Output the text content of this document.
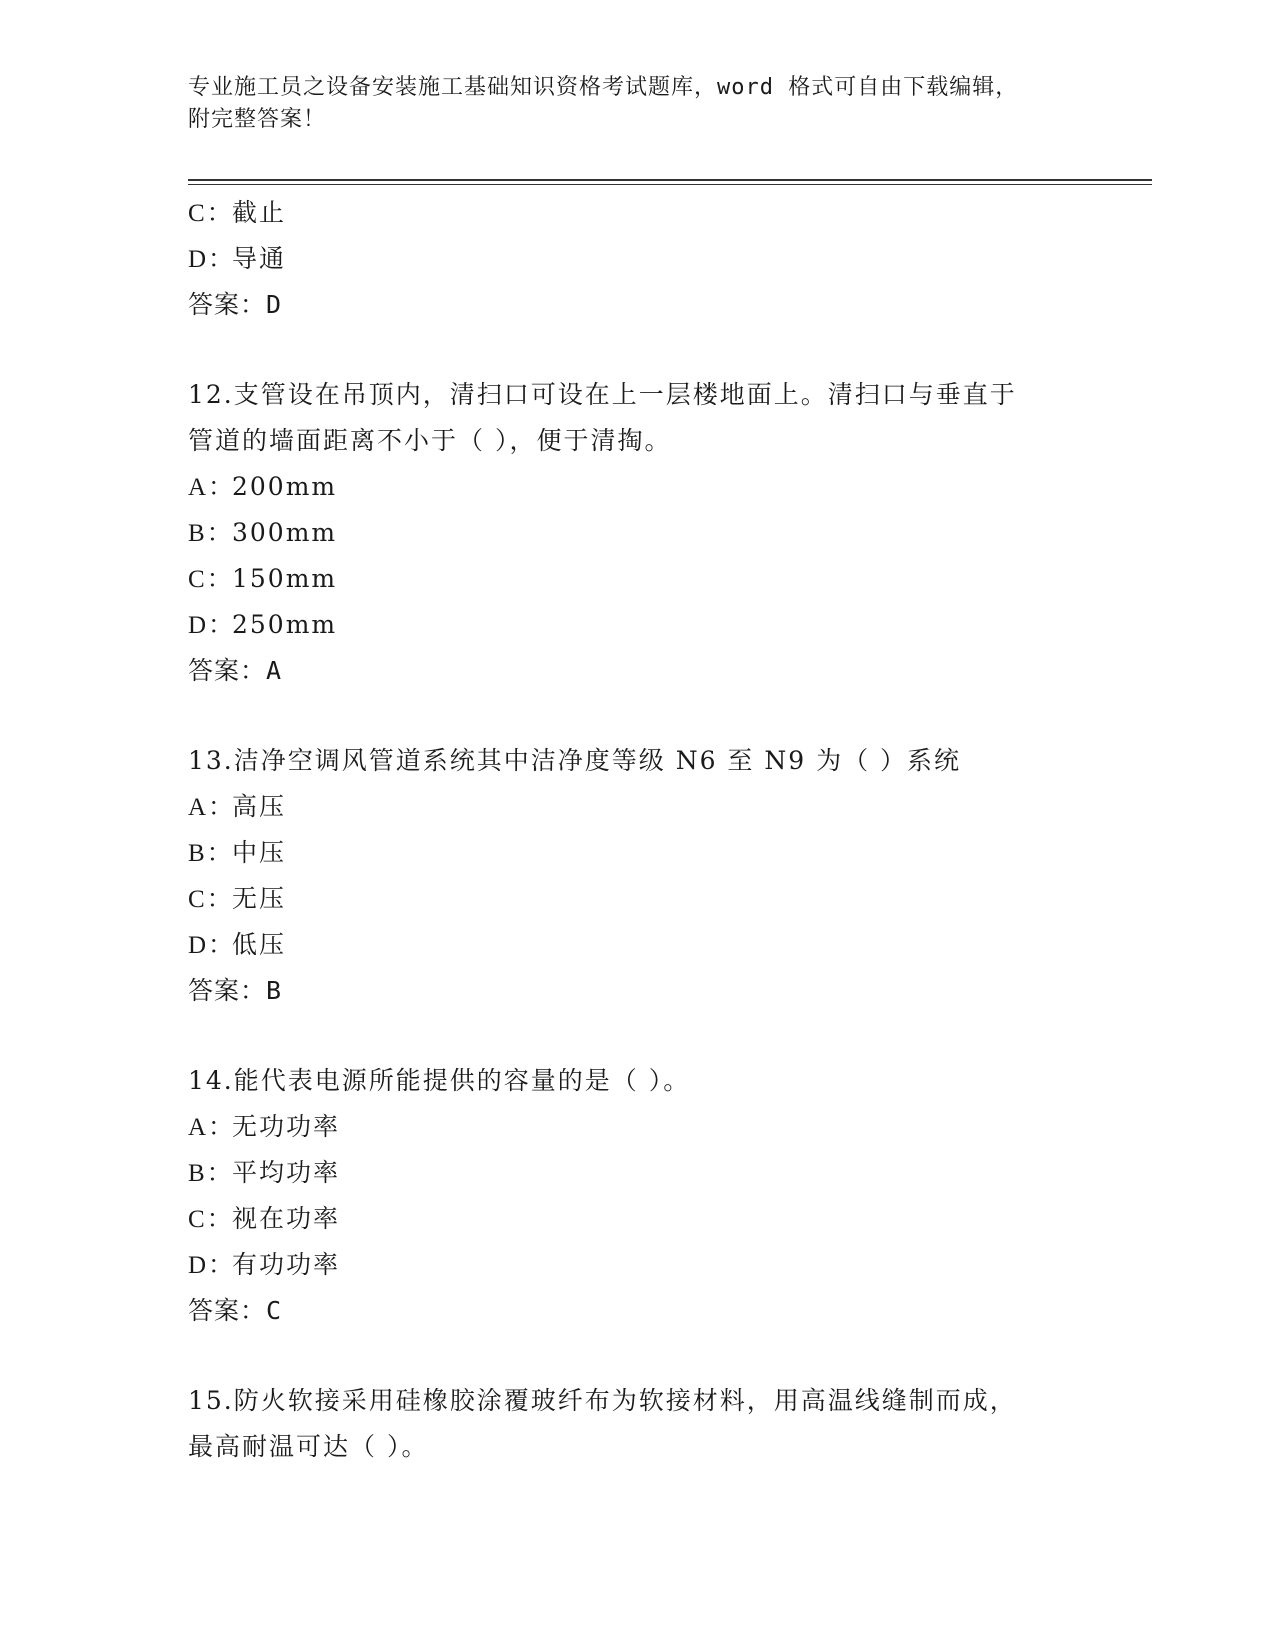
专业施工员之设备安装施工基础知识资格考试题库，word 格式可自由下载编辑，
附完整答案！
C：截止
D：导通
答案：D
12.支管设在吊顶内，清扫口可设在上一层楼地面上。清扫口与垂直于
管道的墙面距离不小于（ ），便于清掏。
A：200mm
B：300mm
C：150mm
D：250mm
答案：A
13.洁净空调风管道系统其中洁净度等级 N6 至 N9 为（ ）系统
A：高压
B：中压
C：无压
D：低压
答案：B
14.能代表电源所能提供的容量的是（ ）。
A：无功功率
B：平均功率
C：视在功率
D：有功功率
答案：C
15.防火软接采用硅橡胶涂覆玻纤布为软接材料，用高温线缝制而成，
最高耐温可达（ ）。
